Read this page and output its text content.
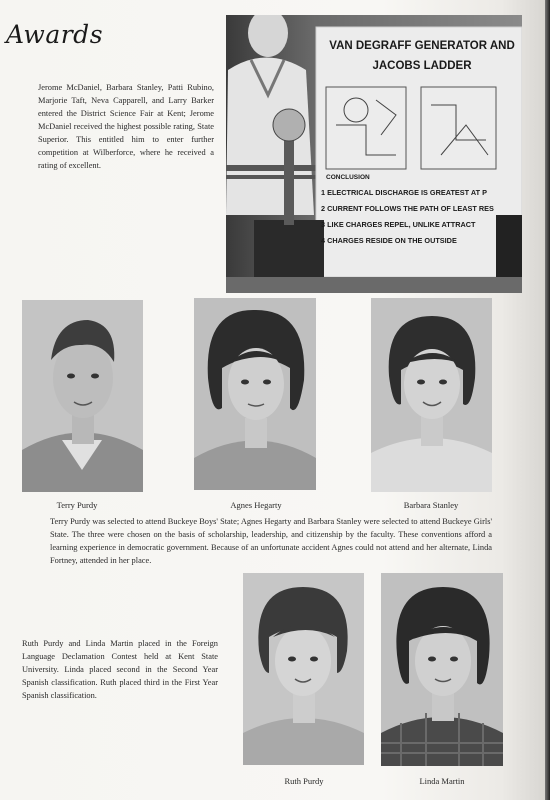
Awards
Jerome McDaniel, Barbara Stanley, Patti Rubino, Marjorie Taft, Neva Capparell, and Larry Barker entered the District Science Fair at Kent; Jerome McDaniel received the highest possible rating, State Superior. This entitled him to enter further competition at Wilberforce, where he received a rating of excellent.
VAN DEGRAFF GENERATOR AND
JACOBS LADDER
CONCLUSION
1 ELECTRICAL DISCHARGE IS GREATEST AT P
2 CURRENT FOLLOWS THE PATH OF LEAST RES
3 LIKE CHARGES REPEL, UNLIKE ATTRACT
4 CHARGES RESIDE ON THE OUTSIDE
Terry Purdy	Agnes Hegarty	Barbara Stanley
Terry Purdy was selected to attend Buckeye Boys' State; Agnes Hegarty and Barbara Stanley were selected to attend Buckeye Girls' State. The three were chosen on the basis of scholarship, leadership, and citizenship by the faculty. These conventions afford a learning experience in democratic government. Because of an unfortunate accident Agnes could not attend and her alternate, Linda Fortney, attended in her place.
Ruth Purdy and Linda Martin placed in the Foreign Language Declamation Contest held at Kent State University. Linda placed second in the Second Year Spanish classification. Ruth placed third in the First Year Spanish classification.
Ruth Purdy	Linda Martin
